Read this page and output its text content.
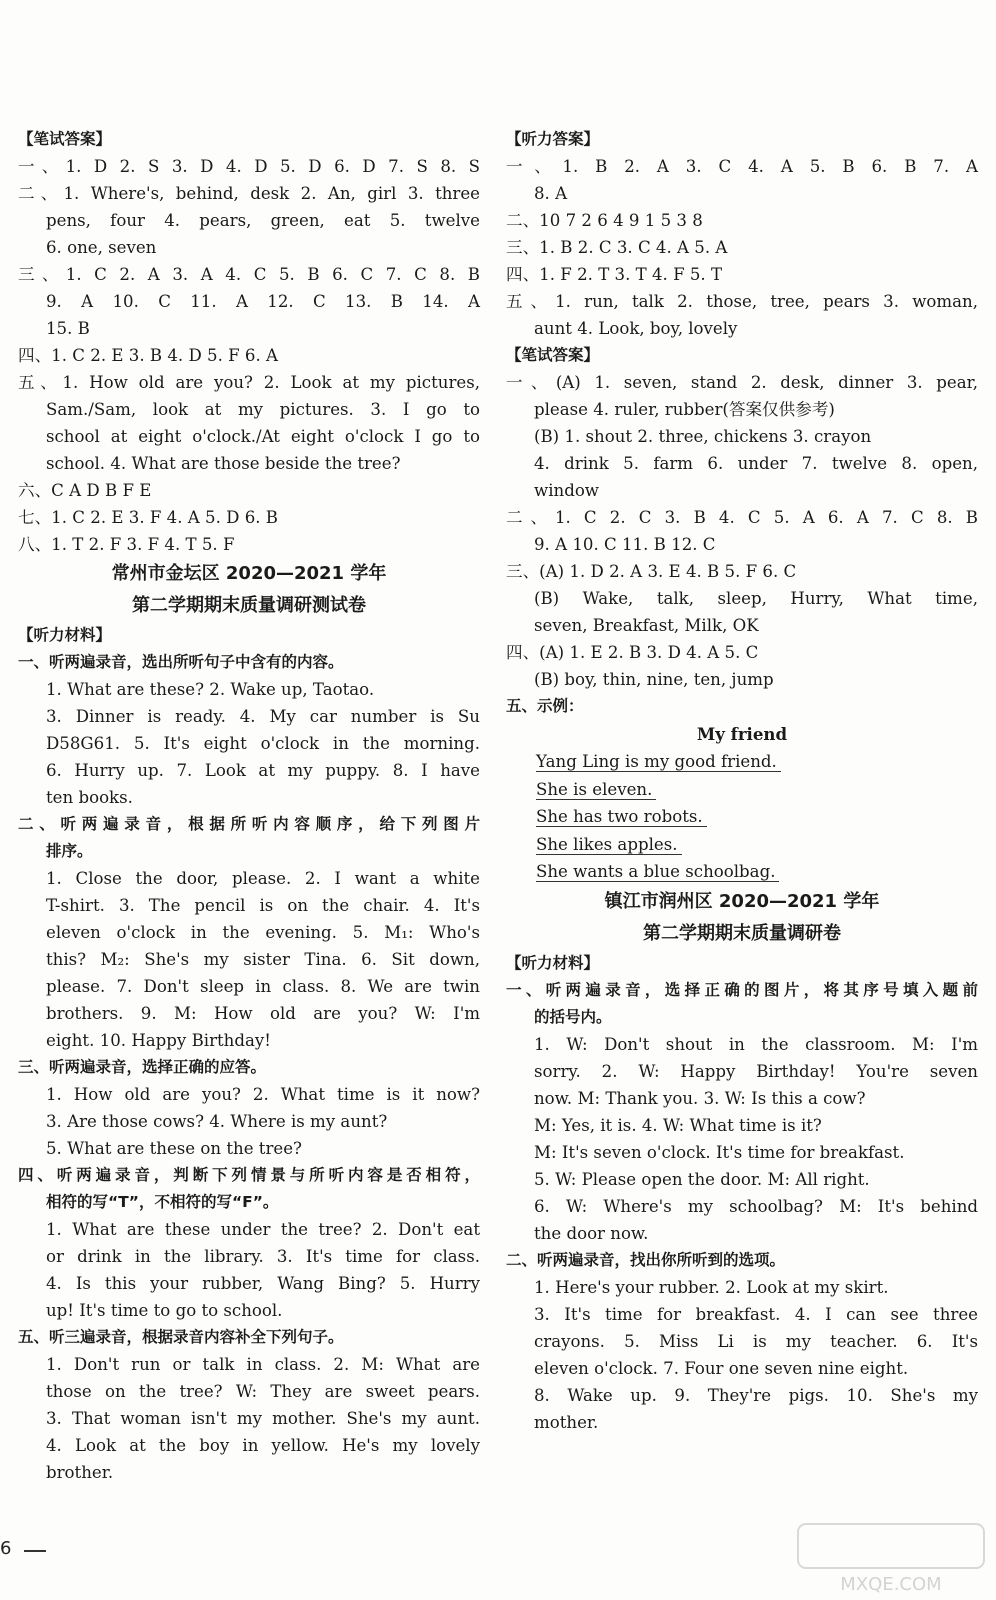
【笔试答案】
一、1. D 2. S 3. D 4. D 5. D 6. D 7. S 8. S
二、1. Where's, behind, desk 2. An, girl 3. three
pens, four 4. pears, green, eat 5. twelve
6. one, seven
三、1. C 2. A 3. A 4. C 5. B 6. C 7. C 8. B
9. A 10. C 11. A 12. C 13. B 14. A
15. B
四、1. C 2. E 3. B 4. D 5. F 6. A
五、1. How old are you? 2. Look at my pictures,
Sam./Sam, look at my pictures. 3. I go to
school at eight o'clock./At eight o'clock I go to
school. 4. What are those beside the tree?
六、C A D B F E
七、1. C 2. E 3. F 4. A 5. D 6. B
八、1. T 2. F 3. F 4. T 5. F
常州市金坛区 2020—2021 学年
第二学期期末质量调研测试卷
【听力材料】
一、听两遍录音，选出所听句子中含有的内容。
1. What are these? 2. Wake up, Taotao.
3. Dinner is ready. 4. My car number is Su
D58G61. 5. It's eight o'clock in the morning.
6. Hurry up. 7. Look at my puppy. 8. I have
ten books.
二、听两遍录音，根据所听内容顺序，给下列图片
排序。
1. Close the door, please. 2. I want a white
T-shirt. 3. The pencil is on the chair. 4. It's
eleven o'clock in the evening. 5. M₁: Who's
this? M₂: She's my sister Tina. 6. Sit down,
please. 7. Don't sleep in class. 8. We are twin
brothers. 9. M: How old are you? W: I'm
eight. 10. Happy Birthday!
三、听两遍录音，选择正确的应答。
1. How old are you? 2. What time is it now?
3. Are those cows? 4. Where is my aunt?
5. What are these on the tree?
四、听两遍录音，判断下列情景与所听内容是否相符，
相符的写“T”，不相符的写“F”。
1. What are these under the tree? 2. Don't eat
or drink in the library. 3. It's time for class.
4. Is this your rubber, Wang Bing? 5. Hurry
up! It's time to go to school.
五、听三遍录音，根据录音内容补全下列句子。
1. Don't run or talk in class. 2. M: What are
those on the tree? W: They are sweet pears.
3. That woman isn't my mother. She's my aunt.
4. Look at the boy in yellow. He's my lovely
brother.
【听力答案】
一、1. B 2. A 3. C 4. A 5. B 6. B 7. A
8. A
二、10 7 2 6 4 9 1 5 3 8
三、1. B 2. C 3. C 4. A 5. A
四、1. F 2. T 3. T 4. F 5. T
五、1. run, talk 2. those, tree, pears 3. woman,
aunt 4. Look, boy, lovely
【笔试答案】
一、(A) 1. seven, stand 2. desk, dinner 3. pear,
please 4. ruler, rubber(答案仅供参考)
(B) 1. shout 2. three, chickens 3. crayon
4. drink 5. farm 6. under 7. twelve 8. open,
window
二、1. C 2. C 3. B 4. C 5. A 6. A 7. C 8. B
9. A 10. C 11. B 12. C
三、(A) 1. D 2. A 3. E 4. B 5. F 6. C
(B) Wake, talk, sleep, Hurry, What time,
seven, Breakfast, Milk, OK
四、(A) 1. E 2. B 3. D 4. A 5. C
(B) boy, thin, nine, ten, jump
五、示例：
My friend
Yang Ling is my good friend.
She is eleven.
She has two robots.
She likes apples.
She wants a blue schoolbag.
镇江市润州区 2020—2021 学年
第二学期期末质量调研卷
【听力材料】
一、听两遍录音，选择正确的图片，将其序号填入题前
的括号内。
1. W: Don't shout in the classroom. M: I'm
sorry. 2. W: Happy Birthday! You're seven
now. M: Thank you. 3. W: Is this a cow?
M: Yes, it is. 4. W: What time is it?
M: It's seven o'clock. It's time for breakfast.
5. W: Please open the door. M: All right.
6. W: Where's my schoolbag? M: It's behind
the door now.
二、听两遍录音，找出你所听到的选项。
1. Here's your rubber. 2. Look at my skirt.
3. It's time for breakfast. 4. I can see three
crayons. 5. Miss Li is my teacher. 6. It's
eleven o'clock. 7. Four one seven nine eight.
8. Wake up. 9. They're pigs. 10. She's my
mother.
6
MXQE.COM
